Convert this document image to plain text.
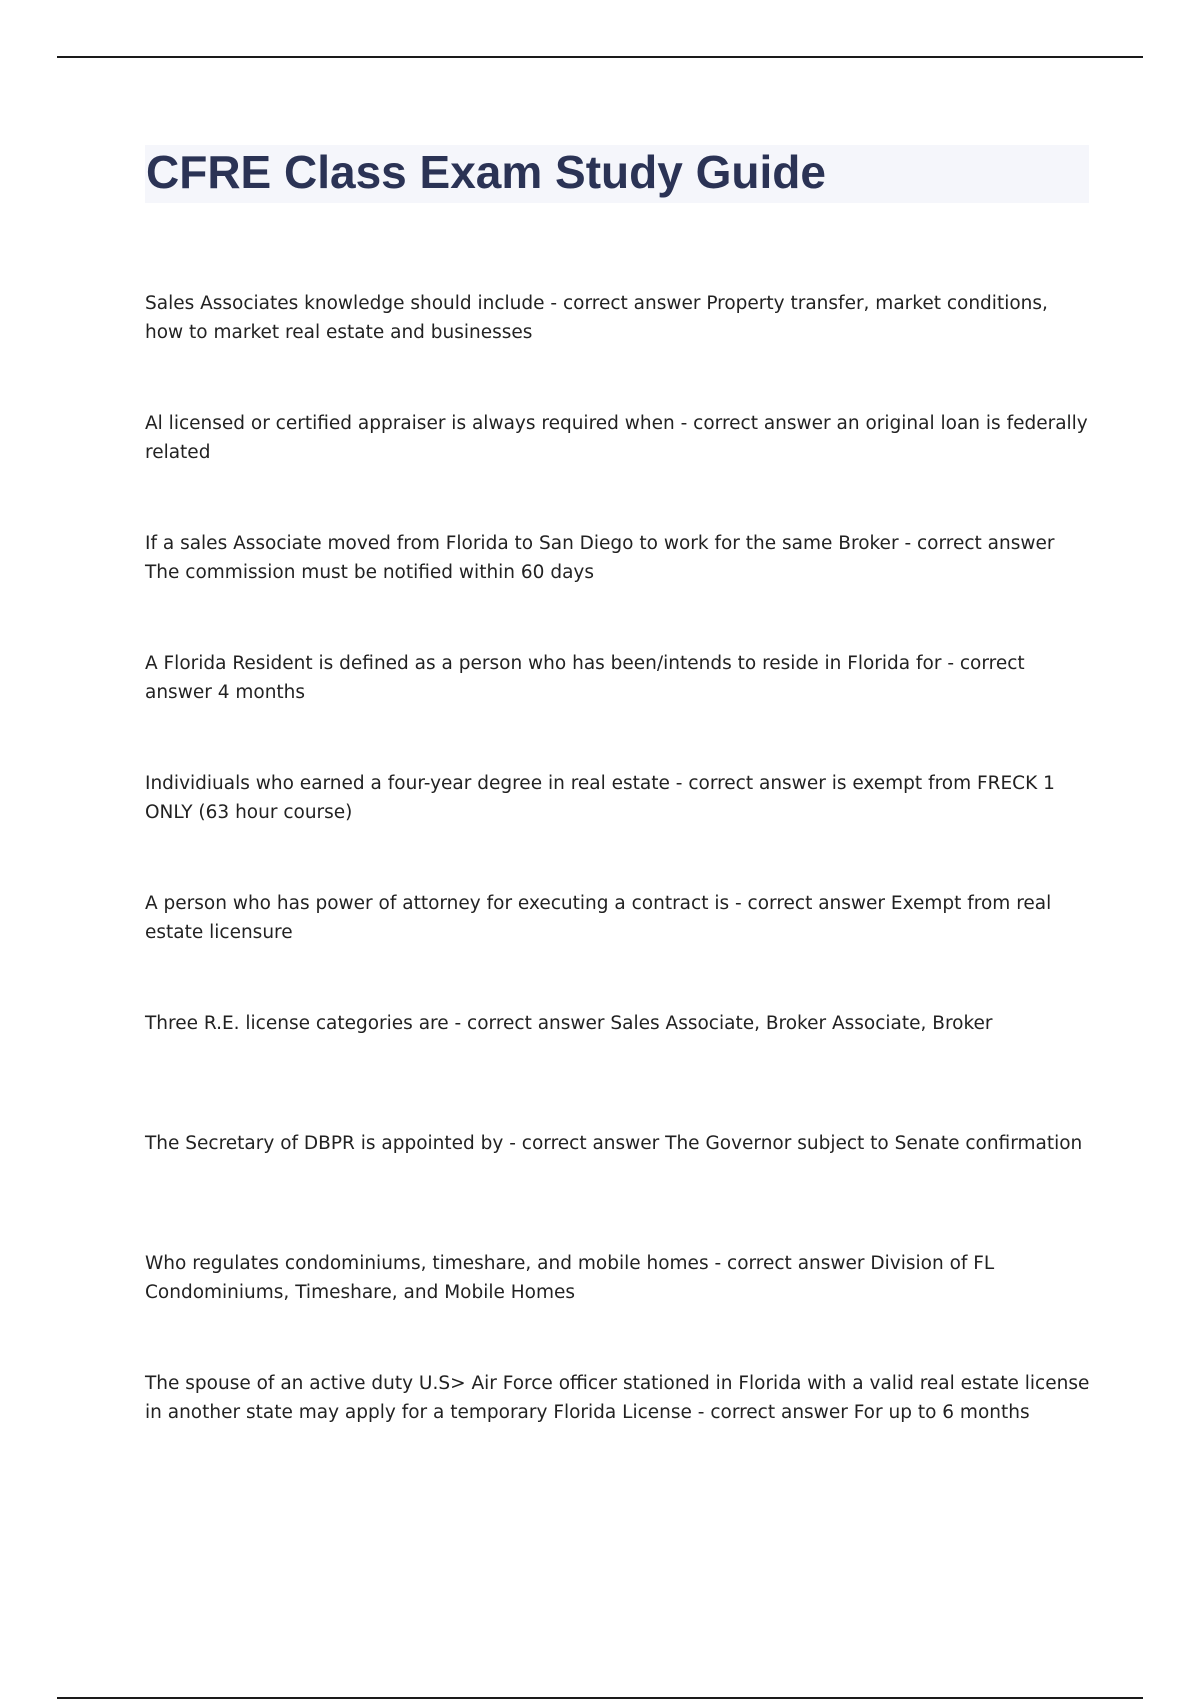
CFRE Class Exam Study Guide
Sales Associates knowledge should include - correct answer Property transfer, market conditions, how to market real estate and businesses
Al licensed or certified appraiser is always required when - correct answer an original loan is federally related
If a sales Associate moved from Florida to San Diego to work for the same Broker - correct answer The commission must be notified within 60 days
A Florida Resident is defined as a person who has been/intends to reside in Florida for - correct answer 4 months
Individiuals who earned a four-year degree in real estate - correct answer is exempt from FRECK 1 ONLY (63 hour course)
A person who has power of attorney for executing a contract is - correct answer Exempt from real estate licensure
Three R.E. license categories are - correct answer Sales Associate, Broker Associate, Broker
The Secretary of DBPR is appointed by - correct answer The Governor subject to Senate confirmation
Who regulates condominiums, timeshare, and mobile homes - correct answer Division of FL Condominiums, Timeshare, and Mobile Homes
The spouse of an active duty U.S> Air Force officer stationed in Florida with a valid real estate license in another state may apply for a temporary Florida License - correct answer For up to 6 months
